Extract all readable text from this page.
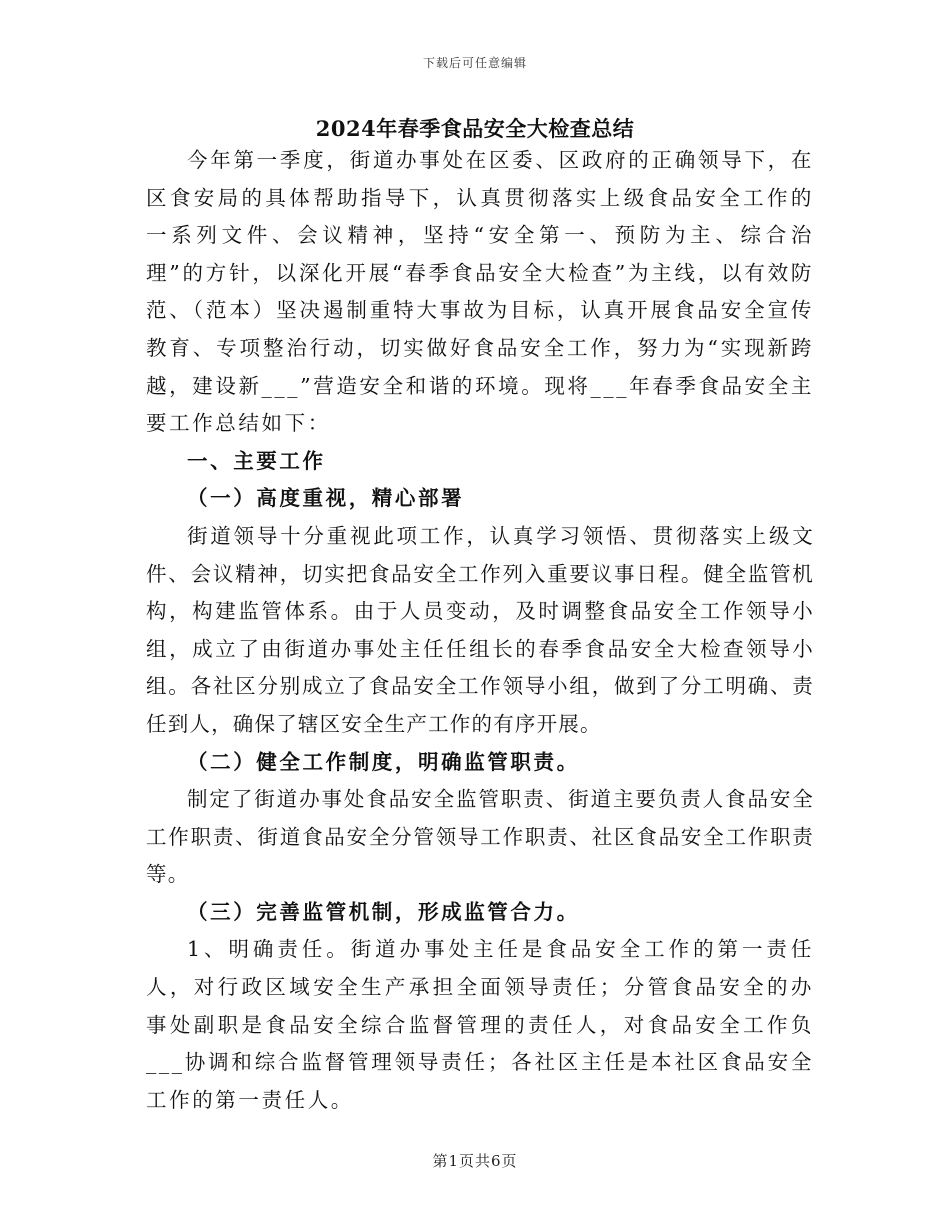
下载后可任意编辑
2024年春季食品安全大检查总结

今年第一季度，街道办事处在区委、区政府的正确领导下，在区食安局的具体帮助指导下，认真贯彻落实上级食品安全工作的一系列文件、会议精神，坚持“安全第一、预防为主、综合治理”的方针，以深化开展“春季食品安全大检查”为主线，以有效防范、（范本）坚决遏制重特大事故为目标，认真开展食品安全宣传教育、专项整治行动，切实做好食品安全工作，努力为“实现新跨越，建设新___”营造安全和谐的环境。现将___年春季食品安全主要工作总结如下：

一、主要工作

（一）高度重视，精心部署

街道领导十分重视此项工作，认真学习领悟、贯彻落实上级文件、会议精神，切实把食品安全工作列入重要议事日程。健全监管机构，构建监管体系。由于人员变动，及时调整食品安全工作领导小组，成立了由街道办事处主任任组长的春季食品安全大检查领导小组。各社区分别成立了食品安全工作领导小组，做到了分工明确、责任到人，确保了辖区安全生产工作的有序开展。

（二）健全工作制度，明确监管职责。

制定了街道办事处食品安全监管职责、街道主要负责人食品安全工作职责、街道食品安全分管领导工作职责、社区食品安全工作职责等。

（三）完善监管机制，形成监管合力。

1、明确责任。街道办事处主任是食品安全工作的第一责任人，对行政区域安全生产承担全面领导责任；分管食品安全的办事处副职是食品安全综合监督管理的责任人，对食品安全工作负___协调和综合监督管理领导责任；各社区主任是本社区食品安全工作的第一责任人。

第1页共6页
